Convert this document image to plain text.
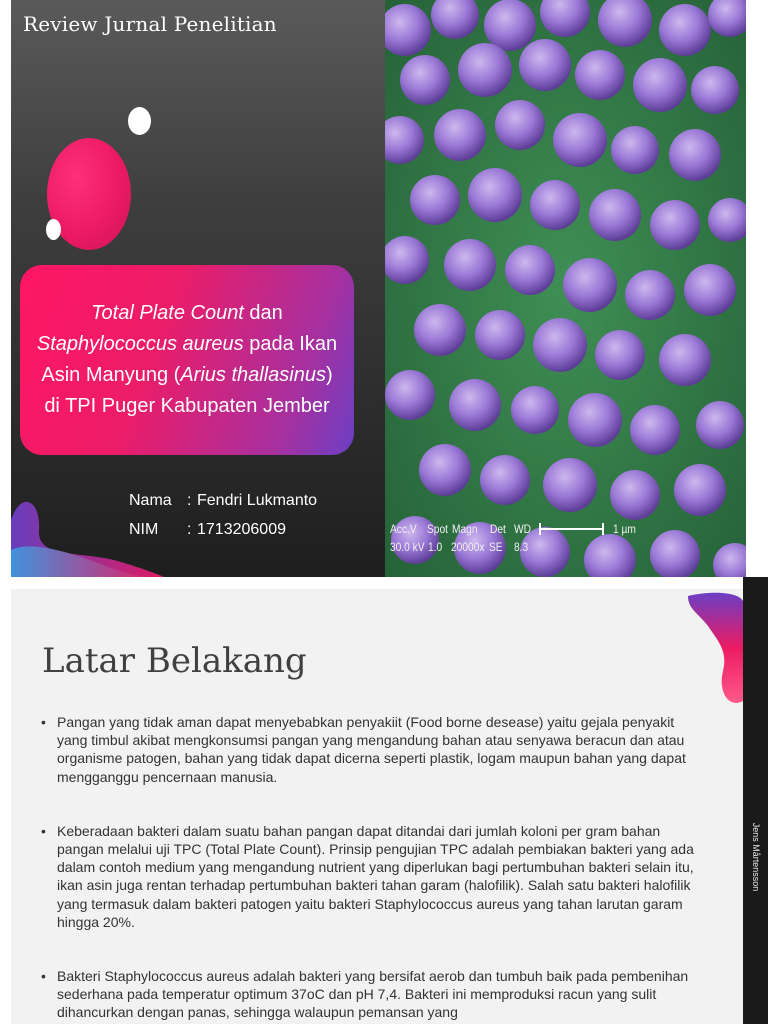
Review Jurnal Penelitian
Total Plate Count dan Staphylococcus aureus pada Ikan Asin Manyung (Arius thallasinus) di TPI Puger Kabupaten Jember
Nama : Fendri Lukmanto
NIM	: 1713206009	1 µm
Acc.V Spot Magn Det WD
30.0 kV 1.0 20000x SE 8.3
Latar Belakang
• Pangan yang tidak aman dapat menyebabkan penyakiit (Food borne desease) yaitu gejala penyakit yang timbul akibat mengkonsumsi pangan yang mengandung bahan atau senyawa beracun dan atau organisme patogen, bahan yang tidak dapat dicerna seperti plastik, logam maupun bahan yang dapat mengganggu pencernaan manusia.
• Keberadaan bakteri dalam suatu bahan pangan dapat ditandai dari jumlah koloni per gram bahan pangan melalui uji TPC (Total Plate Count). Prinsip pengujian TPC adalah pembiakan bakteri yang ada dalam contoh medium yang mengandung nutrient yang diperlukan bagi pertumbuhan bakteri selain itu, ikan asin juga rentan terhadap pertumbuhan bakteri tahan garam (halofilik). Salah satu bakteri halofilik yang termasuk dalam bakteri patogen yaitu bakteri Staphylococcus aureus yang tahan larutan garam hingga 20%.
• Bakteri Staphylococcus aureus adalah bakteri yang bersifat aerob dan tumbuh baik pada pembenihan sederhana pada temperatur optimum 37oC dan pH 7,4. Bakteri ini memproduksi racun yang sulit dihancurkan dengan panas, sehingga walaupun pemansan yang
Jens Mårtensson
